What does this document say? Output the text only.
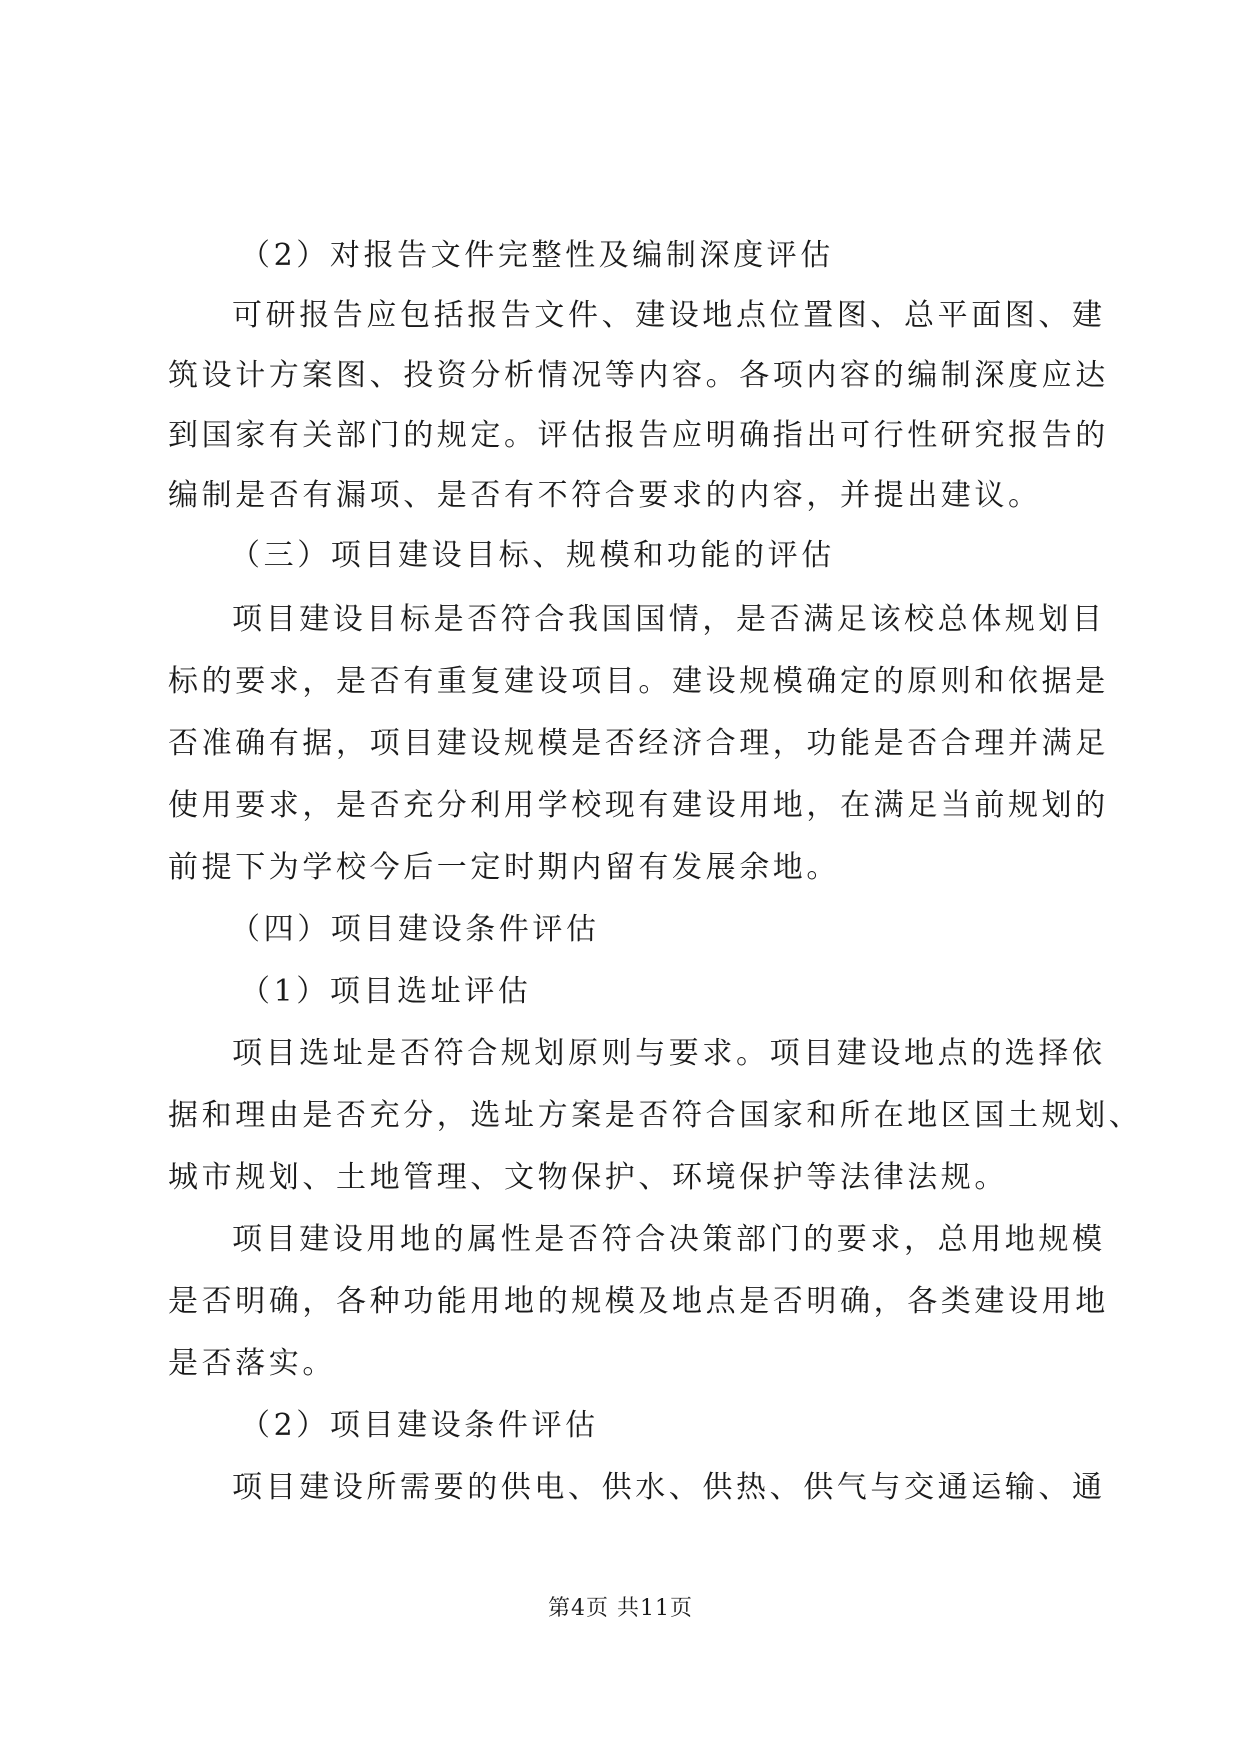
（2）对报告文件完整性及编制深度评估

可研报告应包括报告文件、建设地点位置图、总平面图、建

筑设计方案图、投资分析情况等内容。各项内容的编制深度应达

到国家有关部门的规定。评估报告应明确指出可行性研究报告的

编制是否有漏项、是否有不符合要求的内容，并提出建议。

（三）项目建设目标、规模和功能的评估

项目建设目标是否符合我国国情，是否满足该校总体规划目

标的要求，是否有重复建设项目。建设规模确定的原则和依据是

否准确有据，项目建设规模是否经济合理，功能是否合理并满足

使用要求，是否充分利用学校现有建设用地，在满足当前规划的

前提下为学校今后一定时期内留有发展余地。

（四）项目建设条件评估

（1）项目选址评估

项目选址是否符合规划原则与要求。项目建设地点的选择依

据和理由是否充分，选址方案是否符合国家和所在地区国土规划、

城市规划、土地管理、文物保护、环境保护等法律法规。

项目建设用地的属性是否符合决策部门的要求，总用地规模

是否明确，各种功能用地的规模及地点是否明确，各类建设用地

是否落实。

（2）项目建设条件评估

项目建设所需要的供电、供水、供热、供气与交通运输、通

第4页 共11页
